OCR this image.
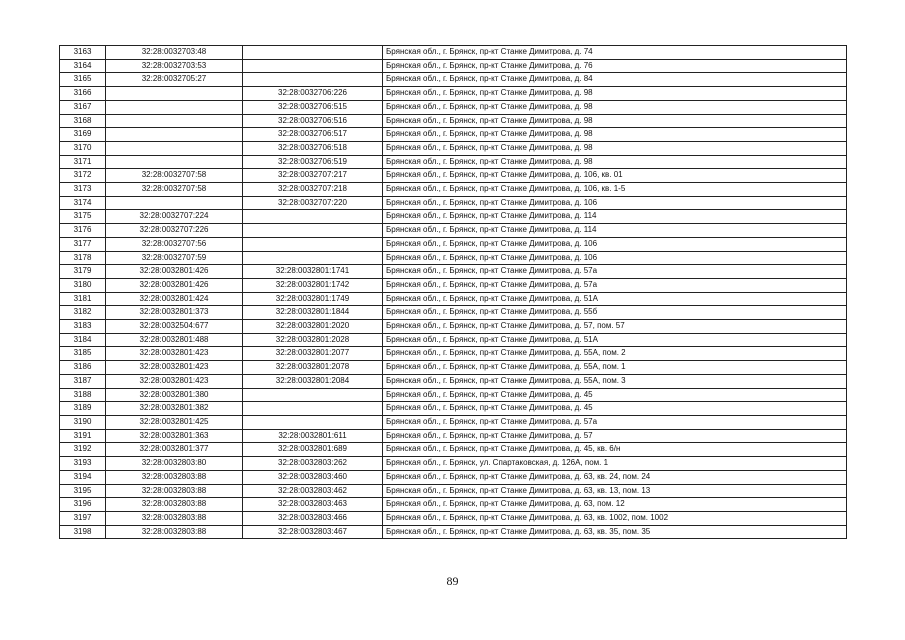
3163	32:28:0032703:48		Брянская обл., г. Брянск, пр-кт Станке Димитрова, д. 74
3164	32:28:0032703:53		Брянская обл., г. Брянск, пр-кт Станке Димитрова, д. 76
3165	32:28:0032705:27		Брянская обл., г. Брянск, пр-кт Станке Димитрова, д. 84
3166		32:28:0032706:226	Брянская обл., г. Брянск, пр-кт Станке Димитрова, д. 98
3167		32:28:0032706:515	Брянская обл., г. Брянск, пр-кт Станке Димитрова, д. 98
3168		32:28:0032706:516	Брянская обл., г. Брянск, пр-кт Станке Димитрова, д. 98
3169		32:28:0032706:517	Брянская обл., г. Брянск, пр-кт Станке Димитрова, д. 98
3170		32:28:0032706:518	Брянская обл., г. Брянск, пр-кт Станке Димитрова, д. 98
3171		32:28:0032706:519	Брянская обл., г. Брянск, пр-кт Станке Димитрова, д. 98
3172	32:28:0032707:58	32:28:0032707:217	Брянская обл., г. Брянск, пр-кт Станке Димитрова, д. 106, кв. 01
3173	32:28:0032707:58	32:28:0032707:218	Брянская обл., г. Брянск, пр-кт Станке Димитрова, д. 106, кв. 1-5
3174		32:28:0032707:220	Брянская обл., г. Брянск, пр-кт Станке Димитрова, д. 106
3175	32:28:0032707:224		Брянская обл., г. Брянск, пр-кт Станке Димитрова, д. 114
3176	32:28:0032707:226		Брянская обл., г. Брянск, пр-кт Станке Димитрова, д. 114
3177	32:28:0032707:56		Брянская обл., г. Брянск, пр-кт Станке Димитрова, д. 106
3178	32:28:0032707:59		Брянская обл., г. Брянск, пр-кт Станке Димитрова, д. 106
3179	32:28:0032801:426	32:28:0032801:1741	Брянская обл., г. Брянск, пр-кт Станке Димитрова, д. 57а
3180	32:28:0032801:426	32:28:0032801:1742	Брянская обл., г. Брянск, пр-кт Станке Димитрова, д. 57а
3181	32:28:0032801:424	32:28:0032801:1749	Брянская обл., г. Брянск, пр-кт Станке Димитрова, д. 51А
3182	32:28:0032801:373	32:28:0032801:1844	Брянская обл., г. Брянск, пр-кт Станке Димитрова, д. 55б
3183	32:28:0032504:677	32:28:0032801:2020	Брянская обл., г. Брянск, пр-кт Станке Димитрова, д. 57, пом. 57
3184	32:28:0032801:488	32:28:0032801:2028	Брянская обл., г. Брянск, пр-кт Станке Димитрова, д. 51А
3185	32:28:0032801:423	32:28:0032801:2077	Брянская обл., г. Брянск, пр-кт Станке Димитрова, д. 55А, пом. 2
3186	32:28:0032801:423	32:28:0032801:2078	Брянская обл., г. Брянск, пр-кт Станке Димитрова, д. 55А, пом. 1
3187	32:28:0032801:423	32:28:0032801:2084	Брянская обл., г. Брянск, пр-кт Станке Димитрова, д. 55А, пом. 3
3188	32:28:0032801:380		Брянская обл., г. Брянск, пр-кт Станке Димитрова, д. 45
3189	32:28:0032801:382		Брянская обл., г. Брянск, пр-кт Станке Димитрова, д. 45
3190	32:28:0032801:425		Брянская обл., г. Брянск, пр-кт Станке Димитрова, д. 57а
3191	32:28:0032801:363	32:28:0032801:611	Брянская обл., г. Брянск, пр-кт Станке Димитрова, д. 57
3192	32:28:0032801:377	32:28:0032801:689	Брянская обл., г. Брянск, пр-кт Станке Димитрова, д. 45, кв. 6/н
3193	32:28:0032803:80	32:28:0032803:262	Брянская обл., г. Брянск, ул. Спартаковская, д. 126А, пом. 1
3194	32:28:0032803:88	32:28:0032803:460	Брянская обл., г. Брянск, пр-кт Станке Димитрова, д. 63, кв. 24, пом. 24
3195	32:28:0032803:88	32:28:0032803:462	Брянская обл., г. Брянск, пр-кт Станке Димитрова, д. 63, кв. 13, пом. 13
3196	32:28:0032803:88	32:28:0032803:463	Брянская обл., г. Брянск, пр-кт Станке Димитрова, д. 63, пом. 12
3197	32:28:0032803:88	32:28:0032803:466	Брянская обл., г. Брянск, пр-кт Станке Димитрова, д. 63, кв. 1002, пом. 1002
3198	32:28:0032803:88	32:28:0032803:467	Брянская обл., г. Брянск, пр-кт Станке Димитрова, д. 63, кв. 35, пом. 35
89
